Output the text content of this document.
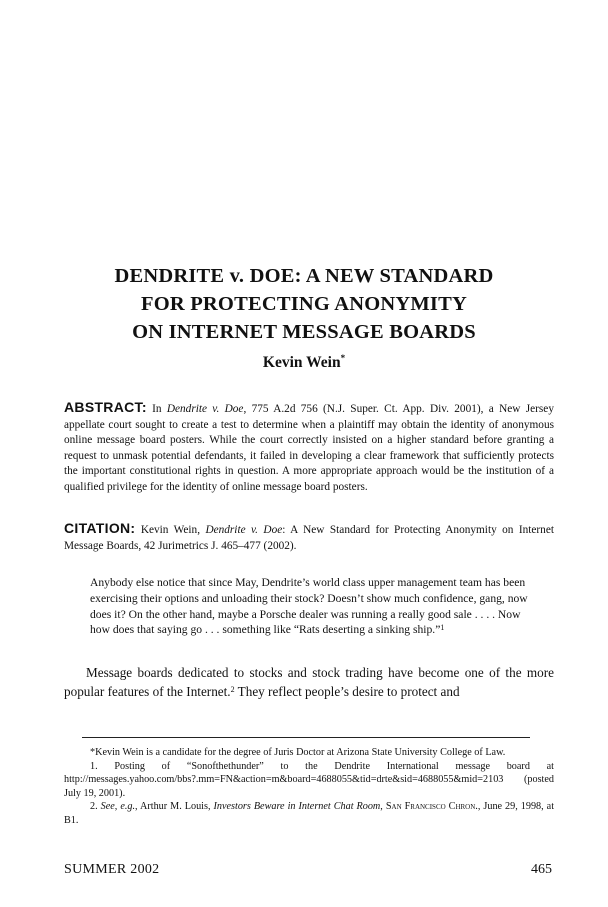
DENDRITE v. DOE: A NEW STANDARD
FOR PROTECTING ANONYMITY
ON INTERNET MESSAGE BOARDS
Kevin Wein*
ABSTRACT: In Dendrite v. Doe, 775 A.2d 756 (N.J. Super. Ct. App. Div. 2001), a New Jersey appellate court sought to create a test to determine when a plaintiff may obtain the identity of anonymous online message board posters. While the court correctly insisted on a higher standard before granting a request to unmask potential defendants, it failed in developing a clear framework that sufficiently protects the important constitutional rights in question. A more appropriate approach would be the institution of a qualified privilege for the identity of online message board posters.
CITATION: Kevin Wein, Dendrite v. Doe: A New Standard for Protecting Anonymity on Internet Message Boards, 42 Jurimetrics J. 465–477 (2002).
Anybody else notice that since May, Dendrite’s world class upper management team has been exercising their options and unloading their stock? Doesn’t show much confidence, gang, now does it? On the other hand, maybe a Porsche dealer was running a really good sale . . . . Now how does that saying go . . . something like “Rats deserting a sinking ship.”$^1$
Message boards dedicated to stocks and stock trading have become one of the more popular features of the Internet.$^2$ They reflect people’s desire to protect and
*Kevin Wein is a candidate for the degree of Juris Doctor at Arizona State University College of Law.
1. Posting of “Sonofthethunder” to the Dendrite International message board at http://messages.yahoo.com/bbs?.mm=FN&action=m&board=4688055&tid=drte&sid=4688055&mid=2103 (posted July 19, 2001).
2. See, e.g., Arthur M. Louis, Investors Beware in Internet Chat Room, San Francisco Chron., June 29, 1998, at B1.
SUMMER 2002	465
